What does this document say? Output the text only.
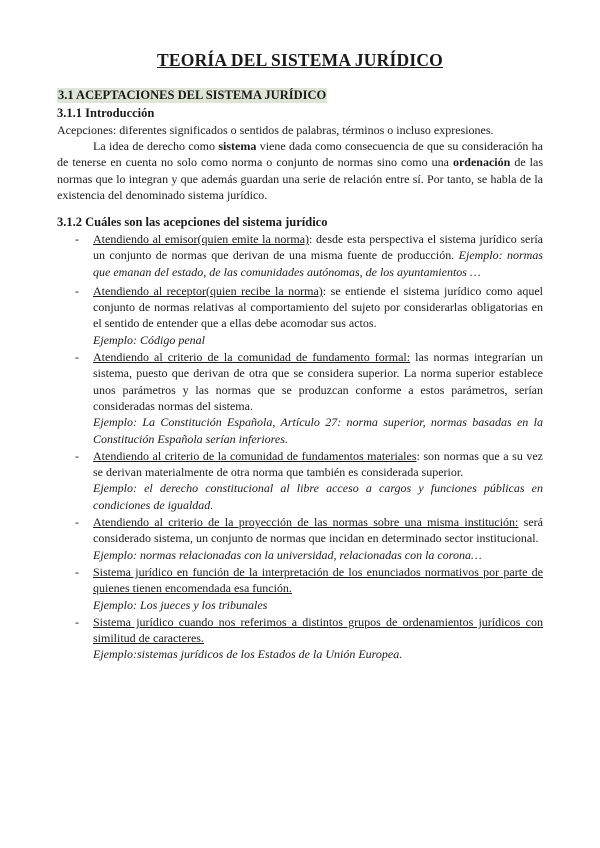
TEORÍA DEL SISTEMA JURÍDICO
3.1 ACEPTACIONES DEL SISTEMA JURÍDICO
3.1.1 Introducción

Acepciones: diferentes significados o sentidos de palabras, términos o incluso expresiones.

La idea de derecho como sistema viene dada como consecuencia de que su consideración ha de tenerse en cuenta no solo como norma o conjunto de normas sino como una ordenación de las normas que lo integran y que además guardan una serie de relación entre sí. Por tanto, se habla de la existencia del denominado sistema jurídico.

3.1.2 Cuáles son las acepciones del sistema jurídico
- Atendiendo al emisor(quien emite la norma): desde esta perspectiva el sistema jurídico sería un conjunto de normas que derivan de una misma fuente de producción. Ejemplo: normas que emanan del estado, de las comunidades autónomas, de los ayuntamientos …
- Atendiendo al receptor(quien recibe la norma): se entiende el sistema jurídico como aquel conjunto de normas relativas al comportamiento del sujeto por considerarlas obligatorias en el sentido de entender que a ellas debe acomodar sus actos.
Ejemplo: Código penal
- Atendiendo al criterio de la comunidad de fundamento formal: las normas integrarían un sistema, puesto que derivan de otra que se considera superior. La norma superior establece unos parámetros y las normas que se produzcan conforme a estos parámetros, serían consideradas normas del sistema.
Ejemplo: La Constitución Española, Artículo 27: norma superior, normas basadas en la Constitución Española serían inferiores.
- Atendiendo al criterio de la comunidad de fundamentos materiales: son normas que a su vez se derivan materialmente de otra norma que también es considerada superior.
Ejemplo: el derecho constitucional al libre acceso a cargos y funciones públicas en condiciones de igualdad.
- Atendiendo al criterio de la proyección de las normas sobre una misma institución: será considerado sistema, un conjunto de normas que incidan en determinado sector institucional.
Ejemplo: normas relacionadas con la universidad, relacionadas con la corona…
- Sistema jurídico en función de la interpretación de los enunciados normativos por parte de quienes tienen encomendada esa función.
Ejemplo: Los jueces y los tribunales
- Sistema jurídico cuando nos referimos a distintos grupos de ordenamientos jurídicos con similitud de caracteres.
Ejemplo:sistemas jurídicos de los Estados de la Unión Europea.
